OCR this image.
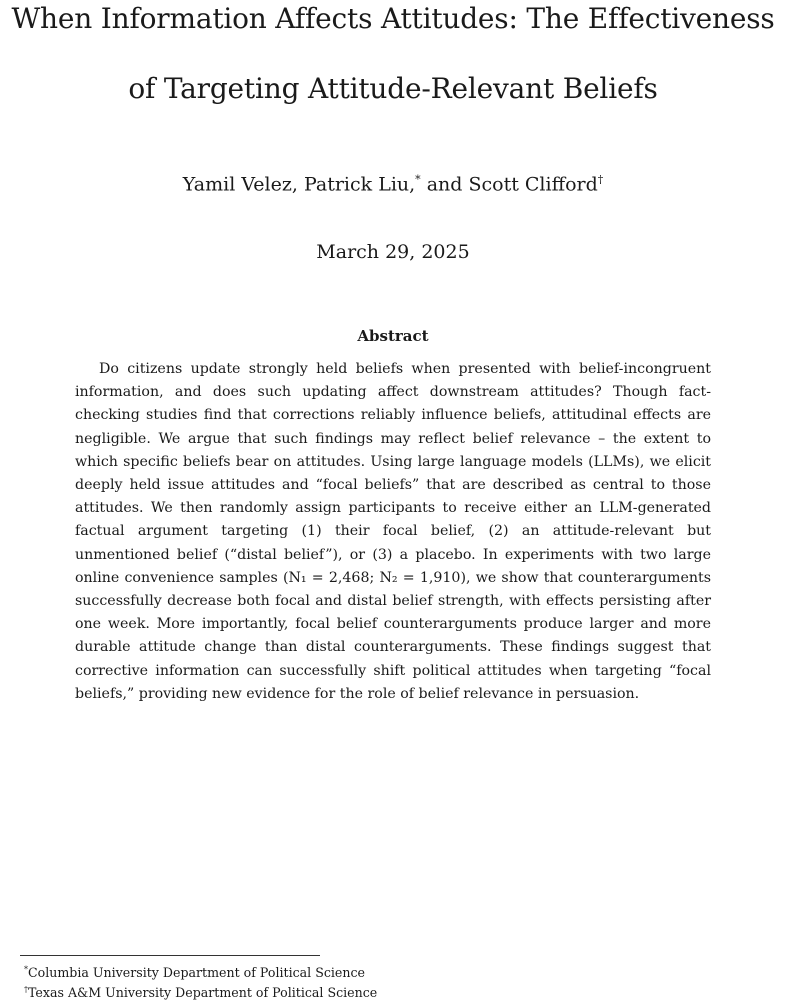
When Information Affects Attitudes: The Effectiveness
of Targeting Attitude-Relevant Beliefs
Yamil Velez, Patrick Liu,* and Scott Clifford†
March 29, 2025
Abstract

Do citizens update strongly held beliefs when presented with belief-incongruent information, and does such updating affect downstream attitudes? Though fact-checking studies find that corrections reliably influence beliefs, attitudinal effects are negligible. We argue that such findings may reflect belief relevance – the extent to which specific beliefs bear on attitudes. Using large language models (LLMs), we elicit deeply held issue attitudes and “focal beliefs” that are described as central to those attitudes. We then randomly assign participants to receive either an LLM-generated factual argument targeting (1) their focal belief, (2) an attitude-relevant but unmentioned belief (“distal belief”), or (3) a placebo. In experiments with two large online convenience samples (N₁ = 2,468; N₂ = 1,910), we show that counterarguments successfully decrease both focal and distal belief strength, with effects persisting after one week. More importantly, focal belief counterarguments produce larger and more durable attitude change than distal counterarguments. These findings suggest that corrective information can successfully shift political attitudes when targeting “focal beliefs,” providing new evidence for the role of belief relevance in persuasion.

*Columbia University Department of Political Science
†Texas A&M University Department of Political Science
